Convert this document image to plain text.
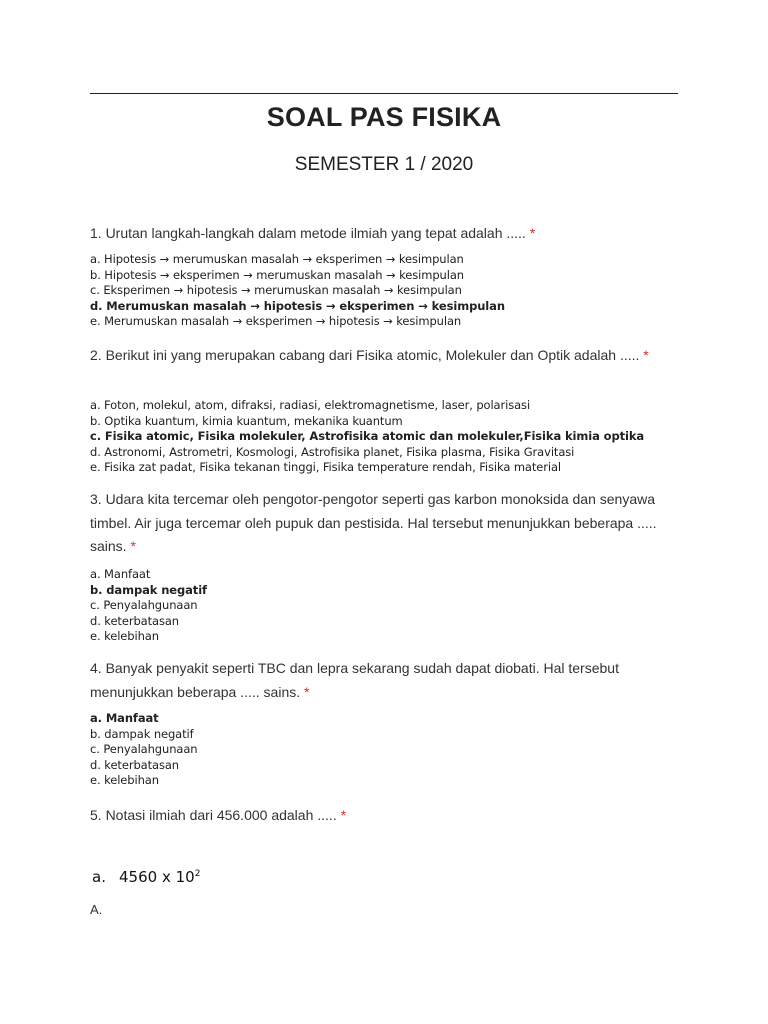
SOAL PAS FISIKA
SEMESTER 1 / 2020
1. Urutan langkah-langkah dalam metode ilmiah yang tepat adalah ..... *
a. Hipotesis → merumuskan masalah → eksperimen → kesimpulan
b. Hipotesis → eksperimen → merumuskan masalah → kesimpulan
c. Eksperimen → hipotesis → merumuskan masalah → kesimpulan
d. Merumuskan masalah → hipotesis → eksperimen → kesimpulan
e. Merumuskan masalah → eksperimen → hipotesis → kesimpulan
2. Berikut ini yang merupakan cabang dari Fisika atomic, Molekuler dan Optik adalah ..... *
a. Foton, molekul, atom, difraksi, radiasi, elektromagnetisme, laser, polarisasi
b. Optika kuantum, kimia kuantum, mekanika kuantum
c. Fisika atomic, Fisika molekuler, Astrofisika atomic dan molekuler,Fisika kimia optika
d. Astronomi, Astrometri, Kosmologi, Astrofisika planet, Fisika plasma, Fisika Gravitasi
e. Fisika zat padat, Fisika tekanan tinggi, Fisika temperature rendah, Fisika material
3. Udara kita tercemar oleh pengotor-pengotor seperti gas karbon monoksida dan senyawa timbel. Air juga tercemar oleh pupuk dan pestisida. Hal tersebut menunjukkan beberapa ..... sains. *
a. Manfaat
b. dampak negatif
c. Penyalahgunaan
d. keterbatasan
e. kelebihan
4. Banyak penyakit seperti TBC dan lepra sekarang sudah dapat diobati. Hal tersebut menunjukkan beberapa ..... sains. *
a. Manfaat
b. dampak negatif
c. Penyalahgunaan
d. keterbatasan
e. kelebihan
5. Notasi ilmiah dari 456.000 adalah ..... *
a. 4560 x $10^2$
A.
